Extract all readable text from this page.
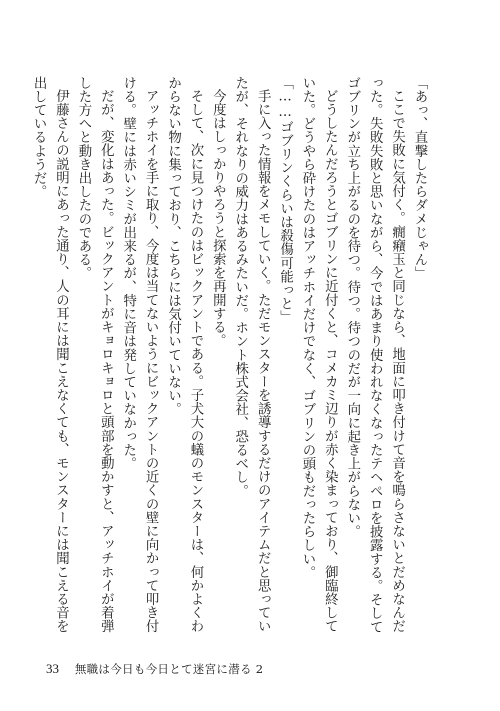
「あっ、直撃したらダメじゃん」

ここで失敗に気付く。癇癪玉と同じなら、地面に叩き付けて音を鳴らさないとだめなんだった。失敗失敗と思いながら、今ではあまり使われなくなったテヘペロを披露する。そしてゴブリンが立ち上がるのを待つ。待つ。待つのだが一向に起き上がらない。

どうしたんだろうとゴブリンに近付くと、コメカミ辺りが赤く染まっており、御臨終していた。どうやら砕けたのはアッチホイだけでなく、ゴブリンの頭もだったらしい。

「……ゴブリンくらいは殺傷可能っと」

手に入った情報をメモしていく。ただモンスターを誘導するだけのアイテムだと思っていたが、それなりの威力はあるみたいだ。ホント株式会社、恐るべし。

今度はしっかりやろうと探索を再開する。

そして、次に見つけたのはビックアントである。子犬大の蟻のモンスターは、何かよくわからない物に集っており、こちらには気付いていない。

アッチホイを手に取り、今度は当てないようにビックアントの近くの壁に向かって叩き付ける。壁には赤いシミが出来るが、特に音は発していなかった。

だが、変化はあった。ビックアントがキョロキョロと頭部を動かすと、アッチホイが着弾した方へと動き出したのである。

伊藤さんの説明にあった通り、人の耳には聞こえなくても、モンスターには聞こえる音を出しているようだ。

33 無職は今日も今日とて迷宮に潜る 2
